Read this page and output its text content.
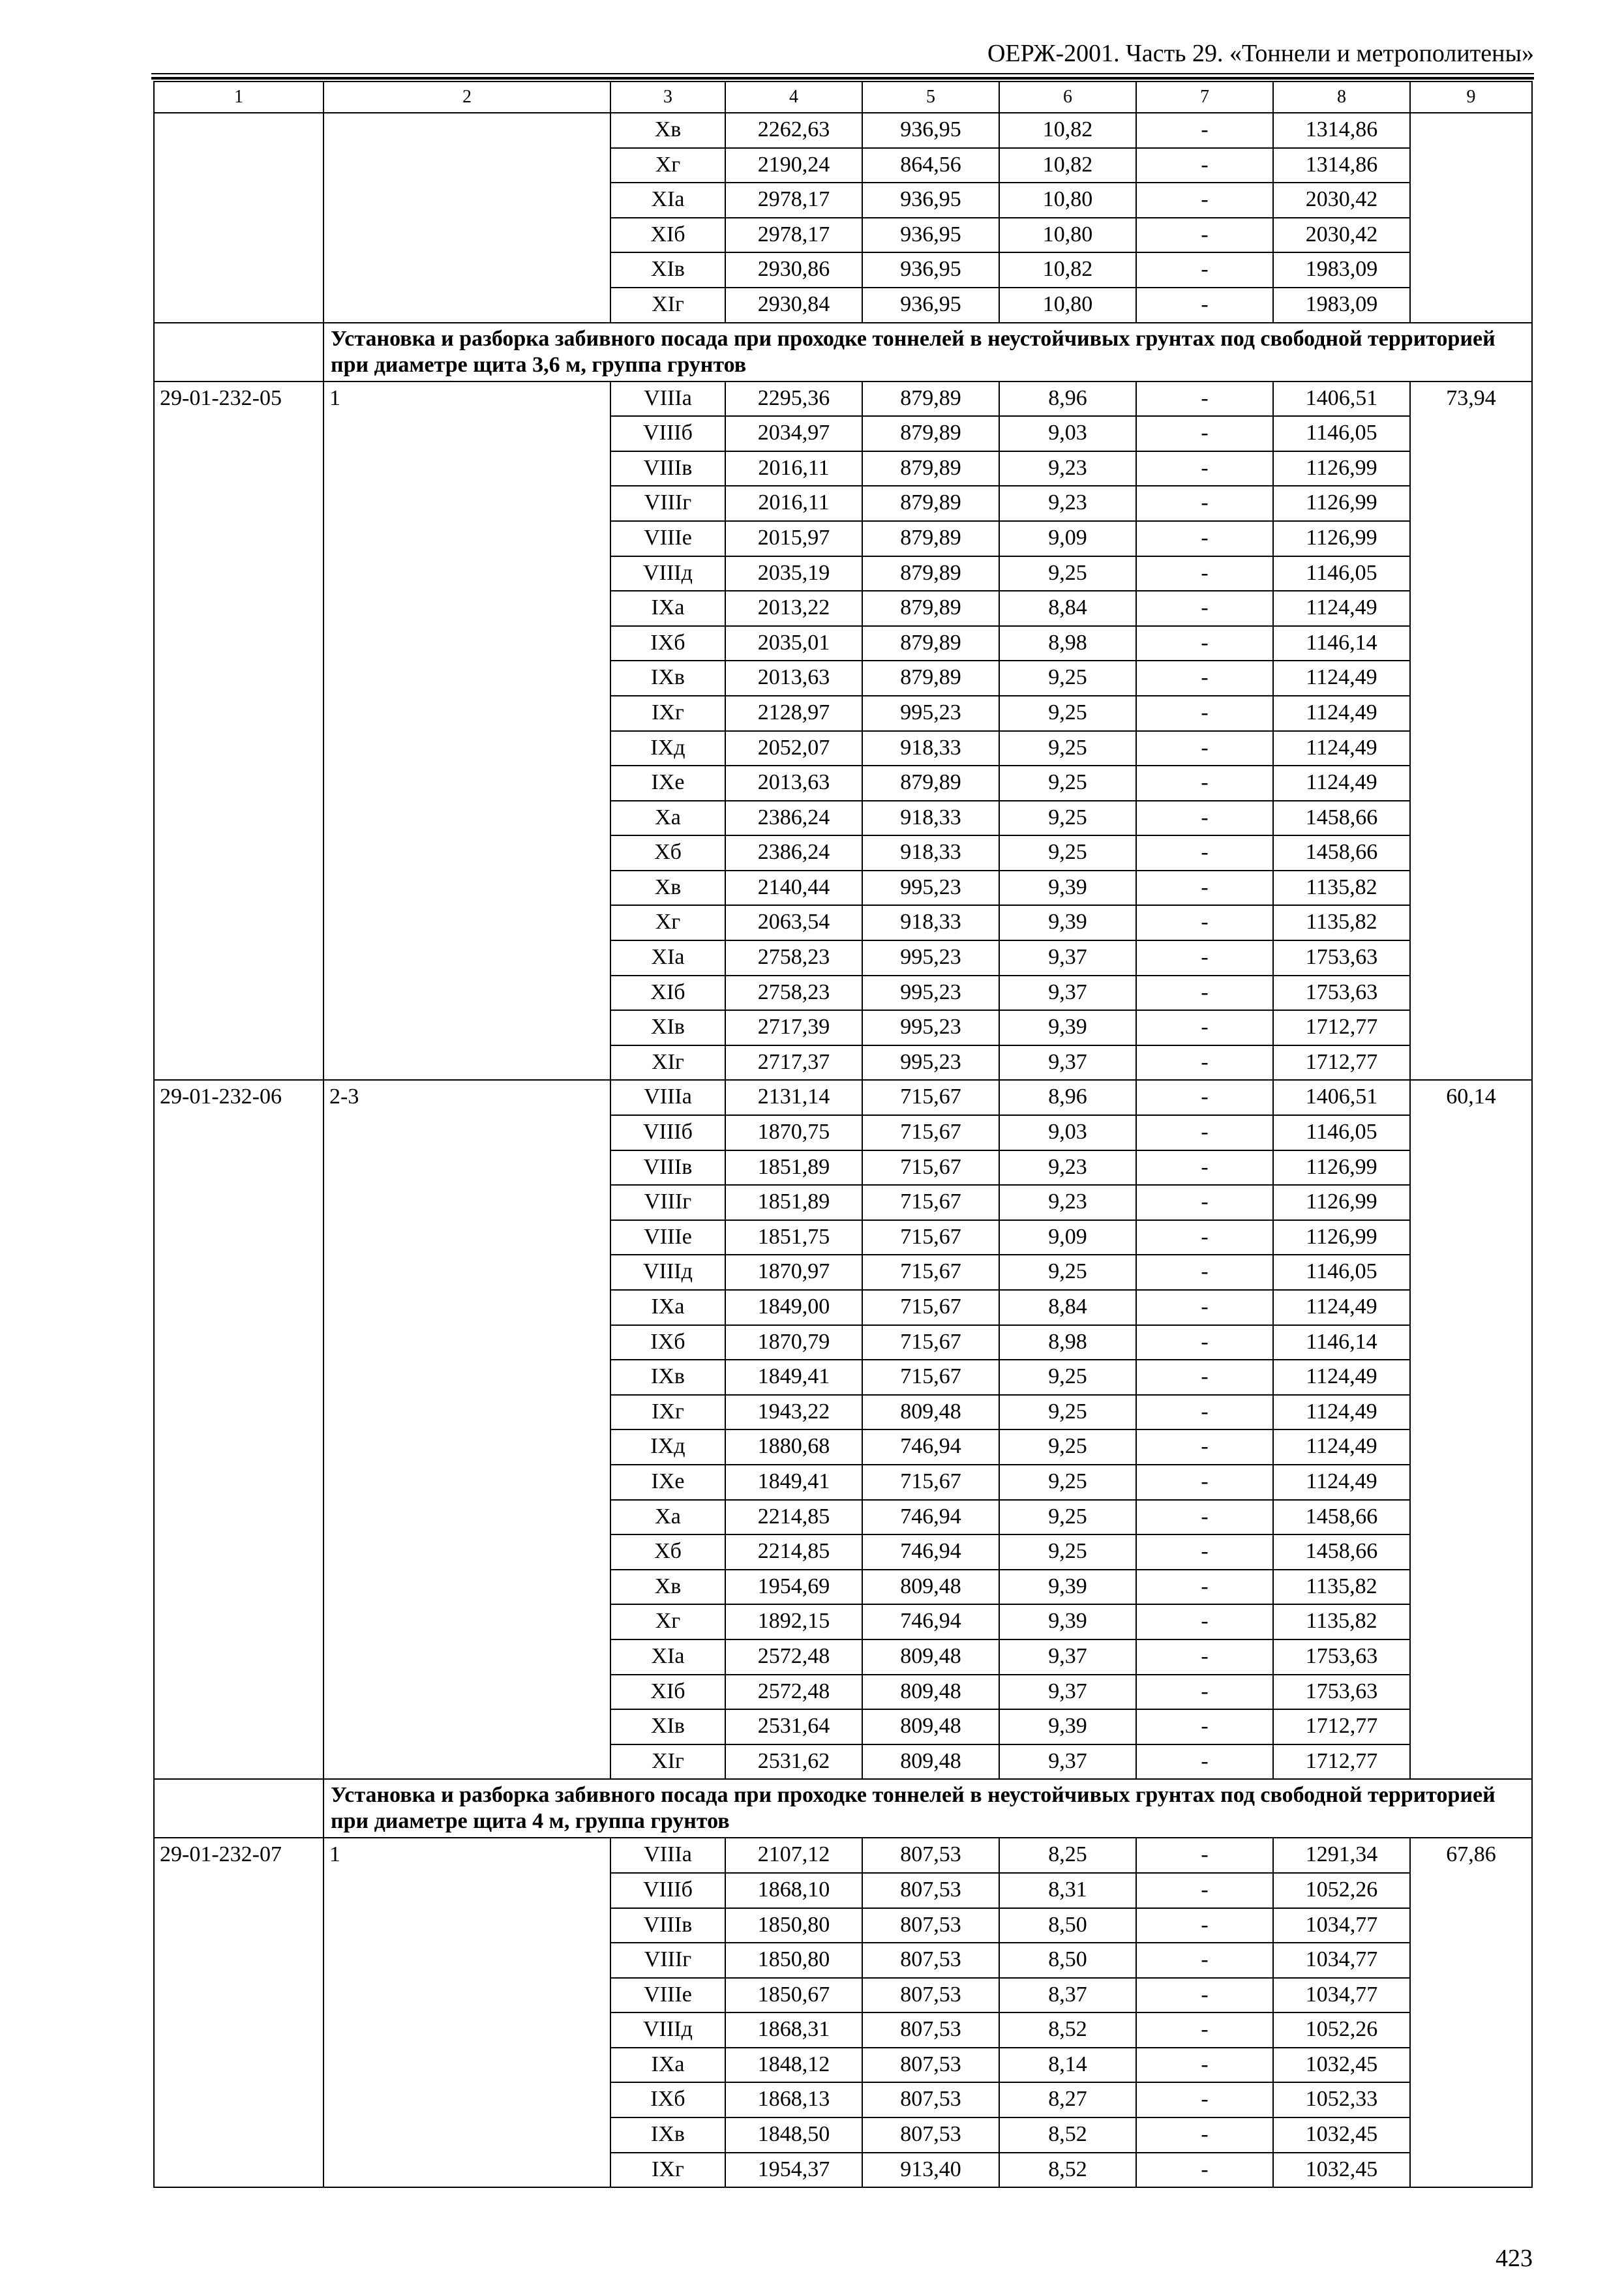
ОЕРЖ-2001. Часть 29. «Тоннели и метрополитены»
1	2	3	4	5	6	7	8	9
		Xв	2262,63	936,95	10,82	-	1314,86	
		Xг	2190,24	864,56	10,82	-	1314,86	
		XIа	2978,17	936,95	10,80	-	2030,42	
		XIб	2978,17	936,95	10,80	-	2030,42	
		XIв	2930,86	936,95	10,82	-	1983,09	
		XIг	2930,84	936,95	10,80	-	1983,09	
	Установка и разборка забивного посада при проходке тоннелей в неустойчивых грунтах под свободной территорией при диаметре щита 3,6 м, группа грунтов							
29-01-232-05	1	VIIIа	2295,36	879,89	8,96	-	1406,51	73,94
		VIIIб	2034,97	879,89	9,03	-	1146,05	
		VIIIв	2016,11	879,89	9,23	-	1126,99	
		VIIIг	2016,11	879,89	9,23	-	1126,99	
		VIIIе	2015,97	879,89	9,09	-	1126,99	
		VIIIд	2035,19	879,89	9,25	-	1146,05	
		IXа	2013,22	879,89	8,84	-	1124,49	
		IXб	2035,01	879,89	8,98	-	1146,14	
		IXв	2013,63	879,89	9,25	-	1124,49	
		IXг	2128,97	995,23	9,25	-	1124,49	
		IXд	2052,07	918,33	9,25	-	1124,49	
		IXе	2013,63	879,89	9,25	-	1124,49	
		Xа	2386,24	918,33	9,25	-	1458,66	
		Xб	2386,24	918,33	9,25	-	1458,66	
		Xв	2140,44	995,23	9,39	-	1135,82	
		Xг	2063,54	918,33	9,39	-	1135,82	
		XIа	2758,23	995,23	9,37	-	1753,63	
		XIб	2758,23	995,23	9,37	-	1753,63	
		XIв	2717,39	995,23	9,39	-	1712,77	
		XIг	2717,37	995,23	9,37	-	1712,77	
29-01-232-06	2-3	VIIIа	2131,14	715,67	8,96	-	1406,51	60,14
		VIIIб	1870,75	715,67	9,03	-	1146,05	
		VIIIв	1851,89	715,67	9,23	-	1126,99	
		VIIIг	1851,89	715,67	9,23	-	1126,99	
		VIIIе	1851,75	715,67	9,09	-	1126,99	
		VIIIд	1870,97	715,67	9,25	-	1146,05	
		IXа	1849,00	715,67	8,84	-	1124,49	
		IXб	1870,79	715,67	8,98	-	1146,14	
		IXв	1849,41	715,67	9,25	-	1124,49	
		IXг	1943,22	809,48	9,25	-	1124,49	
		IXд	1880,68	746,94	9,25	-	1124,49	
		IXе	1849,41	715,67	9,25	-	1124,49	
		Xа	2214,85	746,94	9,25	-	1458,66	
		Xб	2214,85	746,94	9,25	-	1458,66	
		Xв	1954,69	809,48	9,39	-	1135,82	
		Xг	1892,15	746,94	9,39	-	1135,82	
		XIа	2572,48	809,48	9,37	-	1753,63	
		XIб	2572,48	809,48	9,37	-	1753,63	
		XIв	2531,64	809,48	9,39	-	1712,77	
		XIг	2531,62	809,48	9,37	-	1712,77	
	Установка и разборка забивного посада при проходке тоннелей в неустойчивых грунтах под свободной территорией при диаметре щита 4 м, группа грунтов							
29-01-232-07	1	VIIIа	2107,12	807,53	8,25	-	1291,34	67,86
		VIIIб	1868,10	807,53	8,31	-	1052,26	
		VIIIв	1850,80	807,53	8,50	-	1034,77	
		VIIIг	1850,80	807,53	8,50	-	1034,77	
		VIIIе	1850,67	807,53	8,37	-	1034,77	
		VIIIд	1868,31	807,53	8,52	-	1052,26	
		IXа	1848,12	807,53	8,14	-	1032,45	
		IXб	1868,13	807,53	8,27	-	1052,33	
		IXв	1848,50	807,53	8,52	-	1032,45	
		IXг	1954,37	913,40	8,52	-	1032,45	
423
